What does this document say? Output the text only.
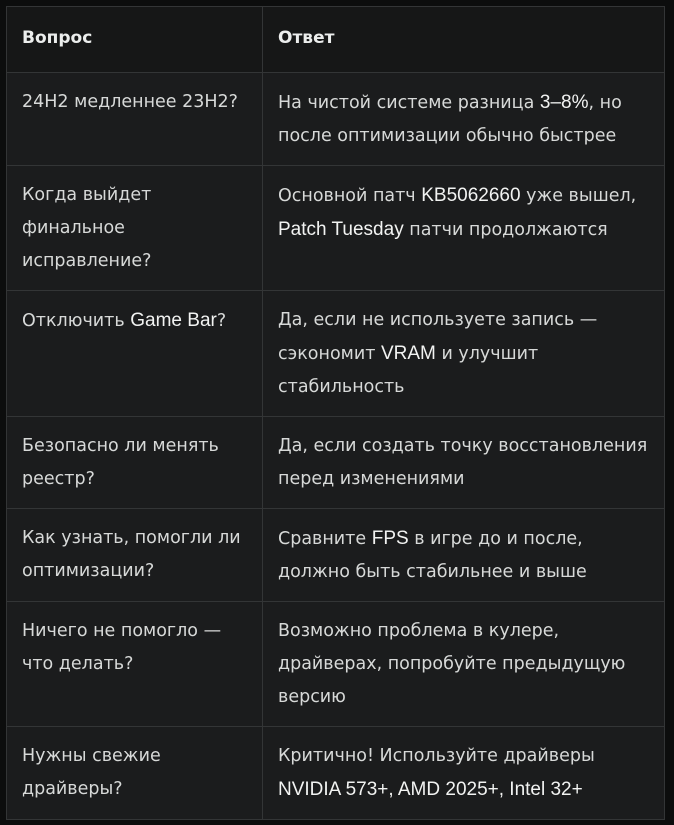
Вопрос	Ответ
24H2 медленнее 23H2?	На чистой системе разница 3–8%, но после оптимизации обычно быстрее
Когда выйдет финальное исправление?	Основной патч KB5062660 уже вышел, Patch Tuesday патчи продолжаются
Отключить Game Bar?	Да, если не используете запись — сэкономит VRAM и улучшит стабильность
Безопасно ли менять реестр?	Да, если создать точку восстановления перед изменениями
Как узнать, помогли ли оптимизации?	Сравните FPS в игре до и после, должно быть стабильнее и выше
Ничего не помогло — что делать?	Возможно проблема в кулере, драйверах, попробуйте предыдущую версию
Нужны свежие драйверы?	Критично! Используйте драйверы NVIDIA 573+, AMD 2025+, Intel 32+
